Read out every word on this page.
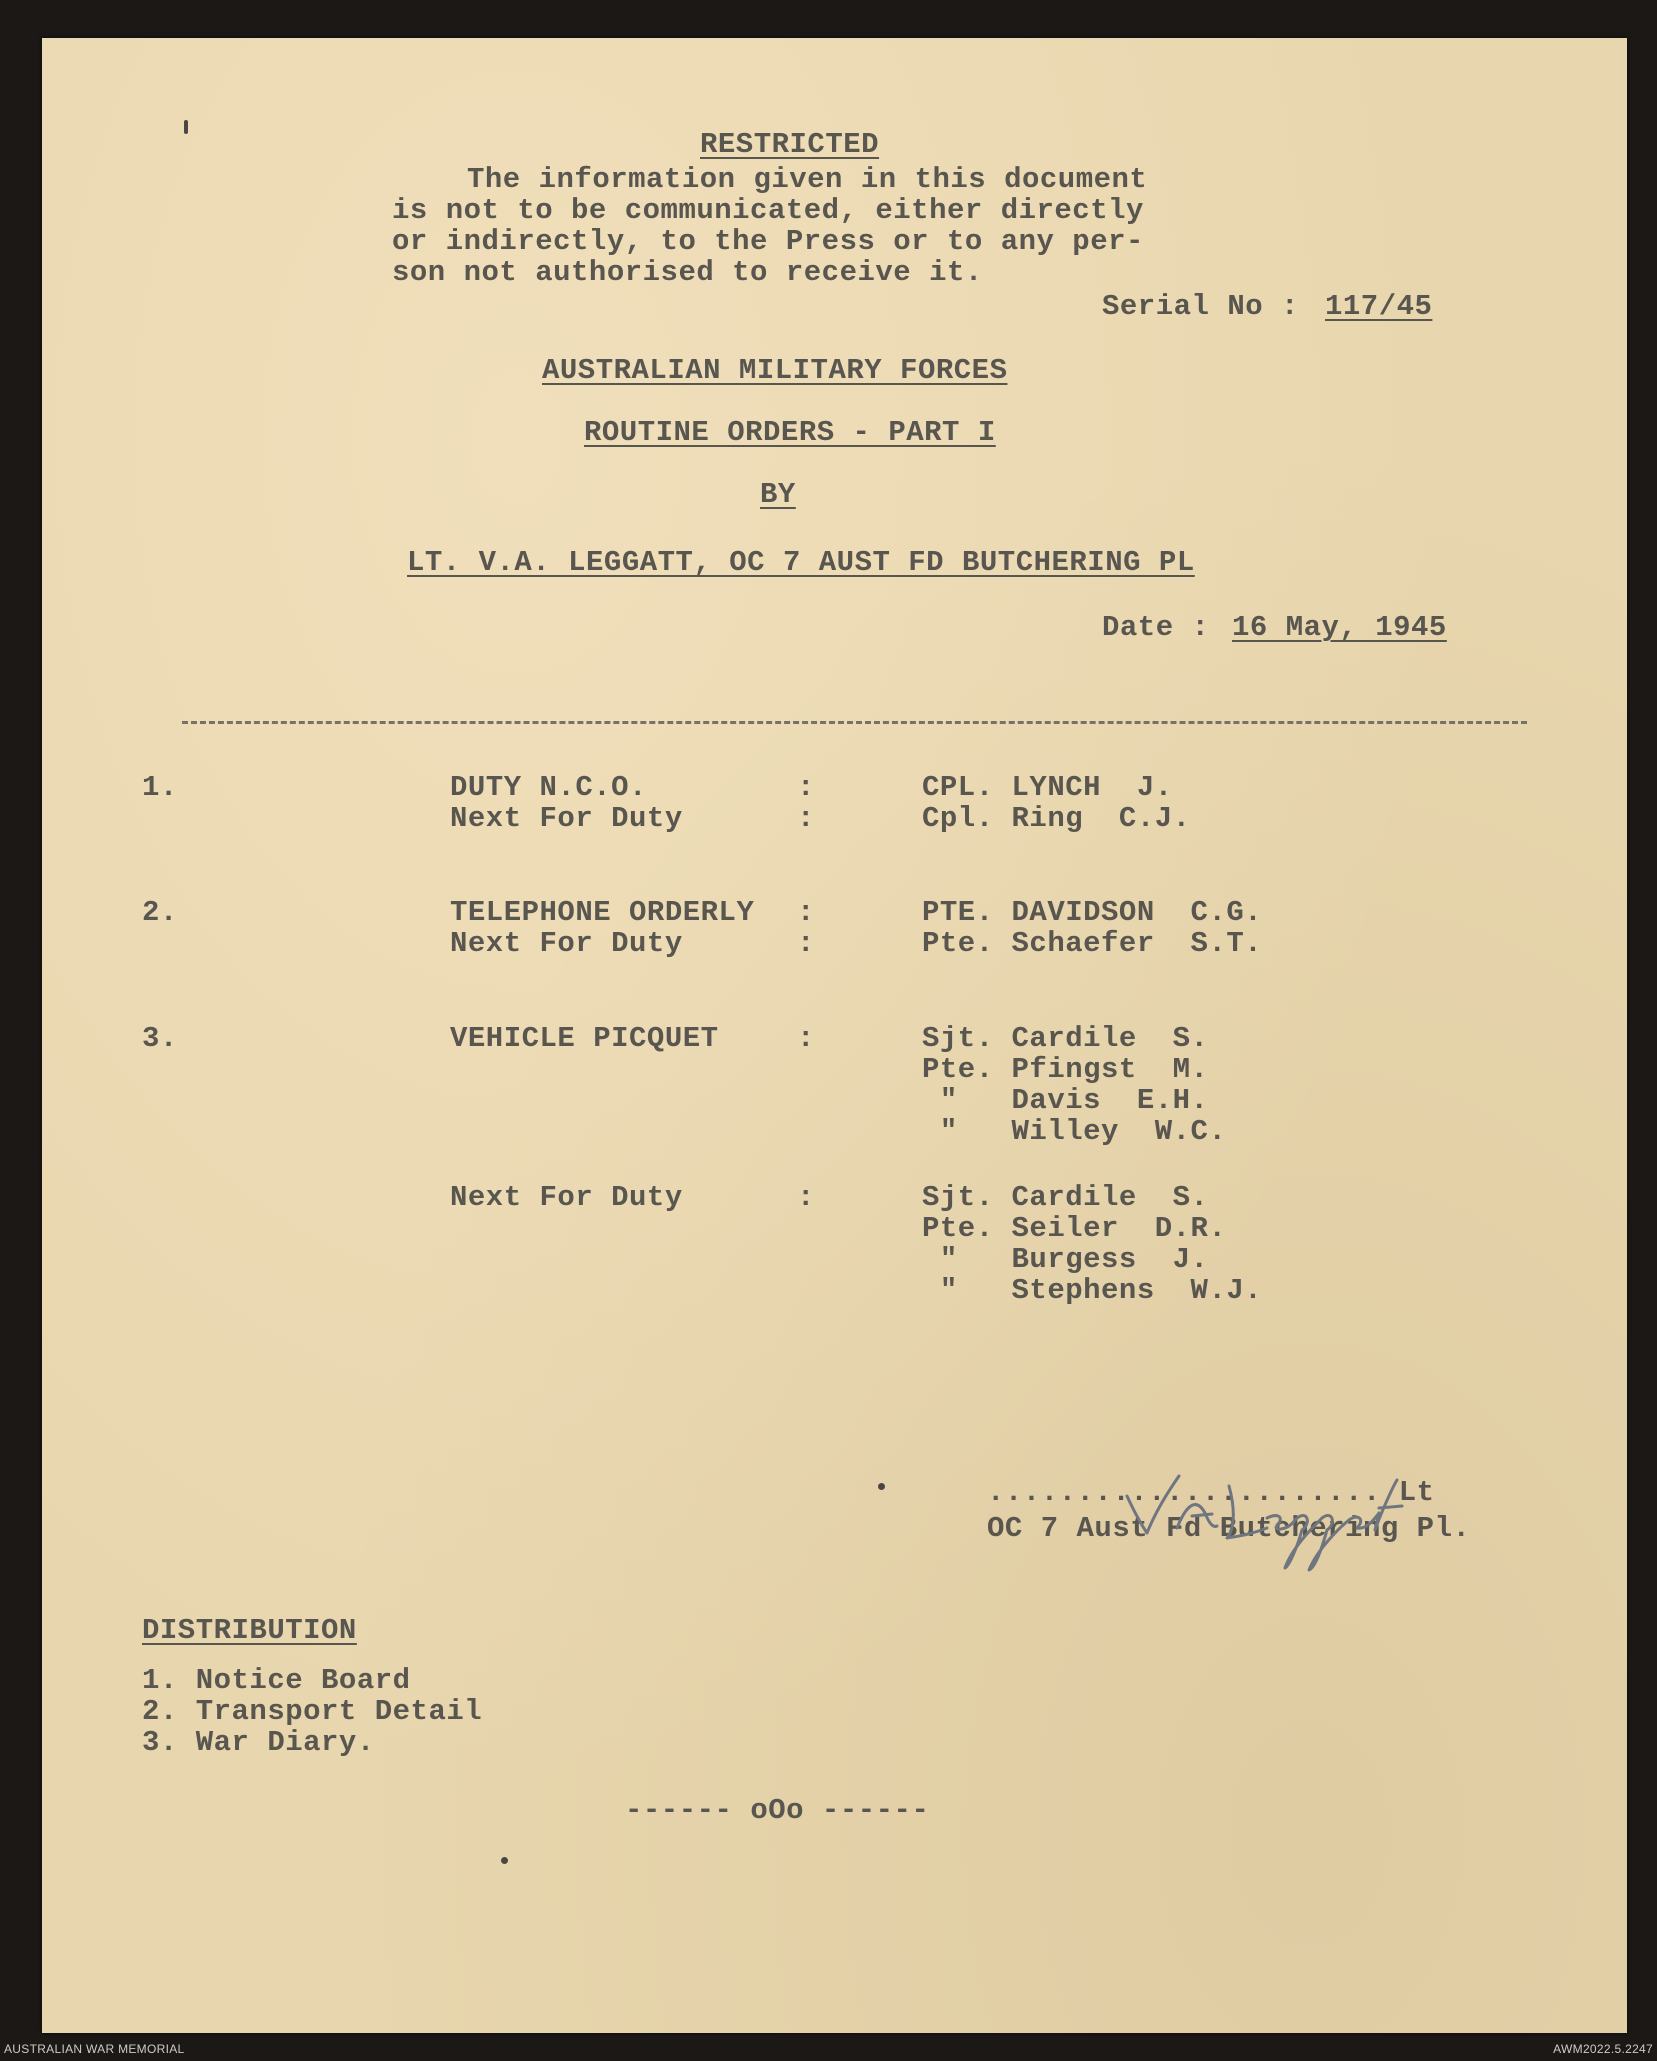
RESTRICTED
The information given in this document
is not to be communicated, either directly
or indirectly, to the Press or to any per-
son not authorised to receive it.
Serial No : 117/45
AUSTRALIAN MILITARY FORCES
ROUTINE ORDERS - PART I
BY
LT. V.A. LEGGATT, OC 7 AUST FD BUTCHERING PL
Date : 16 May, 1945
1.	DUTY N.C.O.	:	CPL. LYNCH  J.
Next For Duty	:	Cpl. Ring  C.J.
2.	TELEPHONE ORDERLY :	PTE. DAVIDSON  C.G.
Next For Duty	:	Pte. Schaefer  S.T.
3.	VEHICLE PICQUET	:	Sjt. Cardile  S.
Pte. Pfingst  M.
"   Davis  E.H.
"   Willey  W.C.
Next For Duty	:	Sjt. Cardile  S.
Pte. Seiler  D.R.
"   Burgess  J.
"   Stephens  W.J.
...................... Lt
OC 7 Aust Fd Butchering Pl.
DISTRIBUTION
1. Notice Board
2. Transport Detail
3. War Diary.
------ oOo ------
AUSTRALIAN WAR MEMORIAL	AWM2022.5.2247
